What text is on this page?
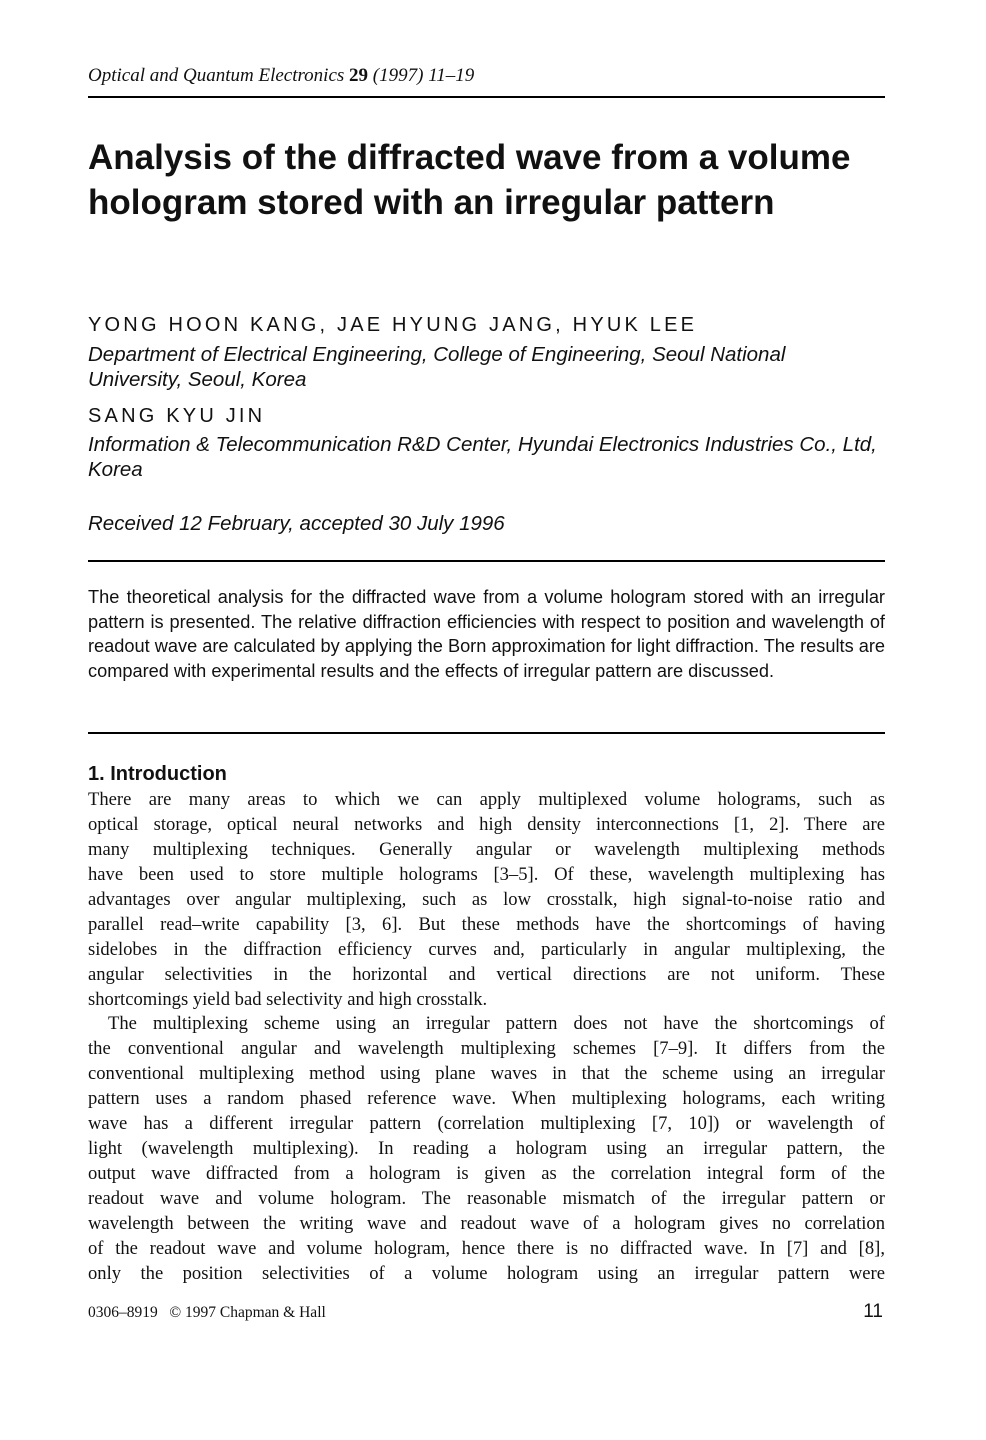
Optical and Quantum Electronics 29 (1997) 11–19
Analysis of the diffracted wave from a volume hologram stored with an irregular pattern
YONG HOON KANG, JAE HYUNG JANG, HYUK LEE
Department of Electrical Engineering, College of Engineering, Seoul National University, Seoul, Korea
SANG KYU JIN
Information & Telecommunication R&D Center, Hyundai Electronics Industries Co., Ltd, Korea
Received 12 February, accepted 30 July 1996
The theoretical analysis for the diffracted wave from a volume hologram stored with an irregular pattern is presented. The relative diffraction efficiencies with respect to position and wavelength of readout wave are calculated by applying the Born approximation for light diffraction. The results are compared with experimental results and the effects of irregular pattern are discussed.
1. Introduction
There are many areas to which we can apply multiplexed volume holograms, such as
optical storage, optical neural networks and high density interconnections [1, 2]. There are
many multiplexing techniques. Generally angular or wavelength multiplexing methods
have been used to store multiple holograms [3–5]. Of these, wavelength multiplexing has
advantages over angular multiplexing, such as low crosstalk, high signal-to-noise ratio and
parallel read–write capability [3, 6]. But these methods have the shortcomings of having
sidelobes in the diffraction efficiency curves and, particularly in angular multiplexing, the
angular selectivities in the horizontal and vertical directions are not uniform. These
shortcomings yield bad selectivity and high crosstalk.
The multiplexing scheme using an irregular pattern does not have the shortcomings of
the conventional angular and wavelength multiplexing schemes [7–9]. It differs from the
conventional multiplexing method using plane waves in that the scheme using an irregular
pattern uses a random phased reference wave. When multiplexing holograms, each writing
wave has a different irregular pattern (correlation multiplexing [7, 10]) or wavelength of
light (wavelength multiplexing). In reading a hologram using an irregular pattern, the
output wave diffracted from a hologram is given as the correlation integral form of the
readout wave and volume hologram. The reasonable mismatch of the irregular pattern or
wavelength between the writing wave and readout wave of a hologram gives no correlation
of the readout wave and volume hologram, hence there is no diffracted wave. In [7] and [8],
only the position selectivities of a volume hologram using an irregular pattern were
0306–8919 © 1997 Chapman & Hall	11
